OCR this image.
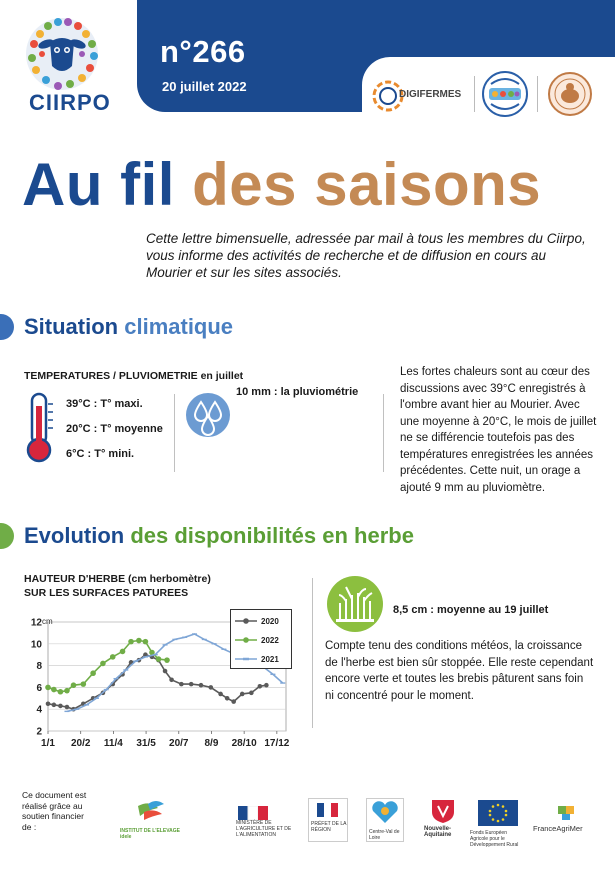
CIIRPO
n°266
20 juillet 2022
DIGIFERMES
Au fil des saisons
Cette lettre bimensuelle, adressée par mail à tous les membres du Ciirpo, vous informe des activités de recherche et de diffusion en cours au Mourier et sur les sites associés.
Situation climatique
TEMPERATURES / PLUVIOMETRIE en juillet
39°C : T° maxi.
20°C : T° moyenne
6°C : T° mini.
10 mm : la pluviométrie
Les fortes chaleurs sont au cœur des discussions avec 39°C enregistrés à l'ombre avant hier au Mourier. Avec une moyenne à 20°C, le mois de juillet ne se différencie toutefois pas des températures enregistrées les années précédentes. Cette nuit, un orage a ajouté 9 mm au pluviomètre.
Evolution des disponibilités en herbe
HAUTEUR D'HERBE (cm herbomètre)
SUR LES SURFACES PATUREES
2
4
6
8
10
12
1/1 20/2 11/4 31/5 20/7 8/9 28/10 17/12
cm	2020
2022
2021
8,5 cm : moyenne au 19 juillet
Compte tenu des conditions météos, la croissance de l'herbe est bien sûr stoppée. Elle reste cependant encore verte et toutes les brebis pâturent sans foin ni concentré pour le moment.
Ce document est réalisé grâce au soutien financier de :	INSTITUT DE L'ELEVAGE idele
MINISTÈRE DE L'AGRICULTURE ET DE L'ALIMENTATION
PRÉFET DE LA RÉGION	Centre-Val de Loire
Nouvelle-Aquitaine	Fonds Européen Agricole pour le Développement Rural
FranceAgriMer
